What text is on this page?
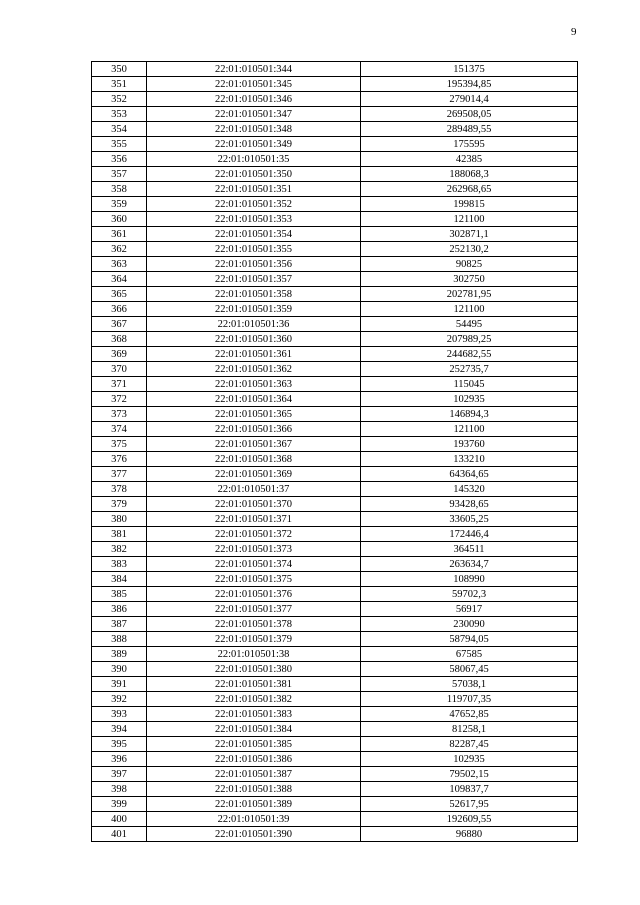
9
350	22:01:010501:344	151375
351	22:01:010501:345	195394,85
352	22:01:010501:346	279014,4
353	22:01:010501:347	269508,05
354	22:01:010501:348	289489,55
355	22:01:010501:349	175595
356	22:01:010501:35	42385
357	22:01:010501:350	188068,3
358	22:01:010501:351	262968,65
359	22:01:010501:352	199815
360	22:01:010501:353	121100
361	22:01:010501:354	302871,1
362	22:01:010501:355	252130,2
363	22:01:010501:356	90825
364	22:01:010501:357	302750
365	22:01:010501:358	202781,95
366	22:01:010501:359	121100
367	22:01:010501:36	54495
368	22:01:010501:360	207989,25
369	22:01:010501:361	244682,55
370	22:01:010501:362	252735,7
371	22:01:010501:363	115045
372	22:01:010501:364	102935
373	22:01:010501:365	146894,3
374	22:01:010501:366	121100
375	22:01:010501:367	193760
376	22:01:010501:368	133210
377	22:01:010501:369	64364,65
378	22:01:010501:37	145320
379	22:01:010501:370	93428,65
380	22:01:010501:371	33605,25
381	22:01:010501:372	172446,4
382	22:01:010501:373	364511
383	22:01:010501:374	263634,7
384	22:01:010501:375	108990
385	22:01:010501:376	59702,3
386	22:01:010501:377	56917
387	22:01:010501:378	230090
388	22:01:010501:379	58794,05
389	22:01:010501:38	67585
390	22:01:010501:380	58067,45
391	22:01:010501:381	57038,1
392	22:01:010501:382	119707,35
393	22:01:010501:383	47652,85
394	22:01:010501:384	81258,1
395	22:01:010501:385	82287,45
396	22:01:010501:386	102935
397	22:01:010501:387	79502,15
398	22:01:010501:388	109837,7
399	22:01:010501:389	52617,95
400	22:01:010501:39	192609,55
401	22:01:010501:390	96880
